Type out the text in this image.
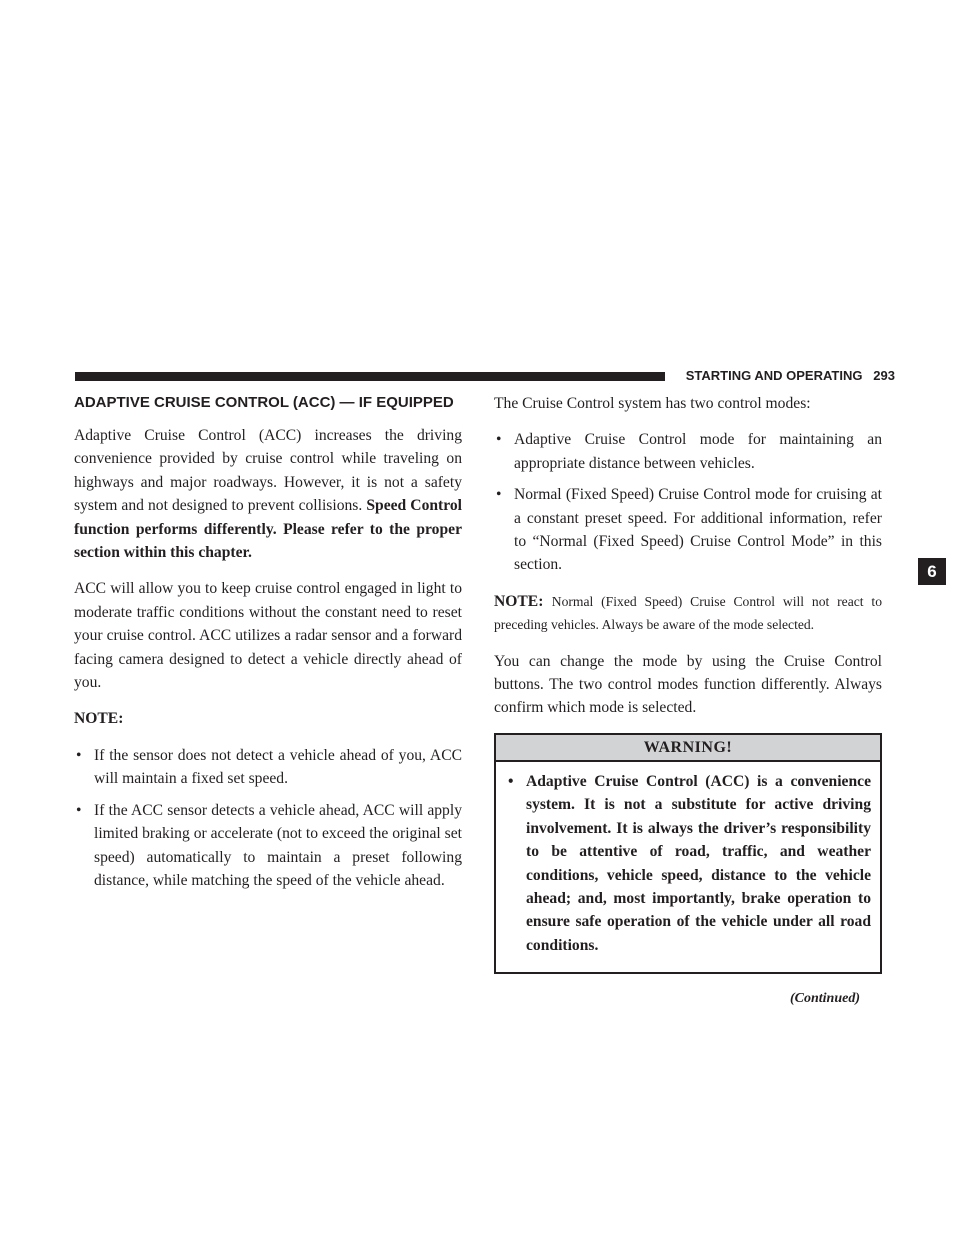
STARTING AND OPERATING 293
6
ADAPTIVE CRUISE CONTROL (ACC) — IF EQUIPPED

Adaptive Cruise Control (ACC) increases the driving convenience provided by cruise control while traveling on highways and major roadways. However, it is not a safety system and not designed to prevent collisions. Speed Control function performs differently. Please refer to the proper section within this chapter.

ACC will allow you to keep cruise control engaged in light to moderate traffic conditions without the constant need to reset your cruise control. ACC utilizes a radar sensor and a forward facing camera designed to detect a vehicle directly ahead of you.

NOTE:

• If the sensor does not detect a vehicle ahead of you, ACC will maintain a fixed set speed.
• If the ACC sensor detects a vehicle ahead, ACC will apply limited braking or accelerate (not to exceed the original set speed) automatically to maintain a preset following distance, while matching the speed of the vehicle ahead.

The Cruise Control system has two control modes:

• Adaptive Cruise Control mode for maintaining an appropriate distance between vehicles.
• Normal (Fixed Speed) Cruise Control mode for cruising at a constant preset speed. For additional information, refer to “Normal (Fixed Speed) Cruise Control Mode” in this section.

NOTE: Normal (Fixed Speed) Cruise Control will not react to preceding vehicles. Always be aware of the mode selected.

You can change the mode by using the Cruise Control buttons. The two control modes function differently. Always confirm which mode is selected.

WARNING!
• Adaptive Cruise Control (ACC) is a convenience system. It is not a substitute for active driving involvement. It is always the driver’s responsibility to be attentive of road, traffic, and weather conditions, vehicle speed, distance to the vehicle ahead; and, most importantly, brake operation to ensure safe operation of the vehicle under all road conditions.
(Continued)
